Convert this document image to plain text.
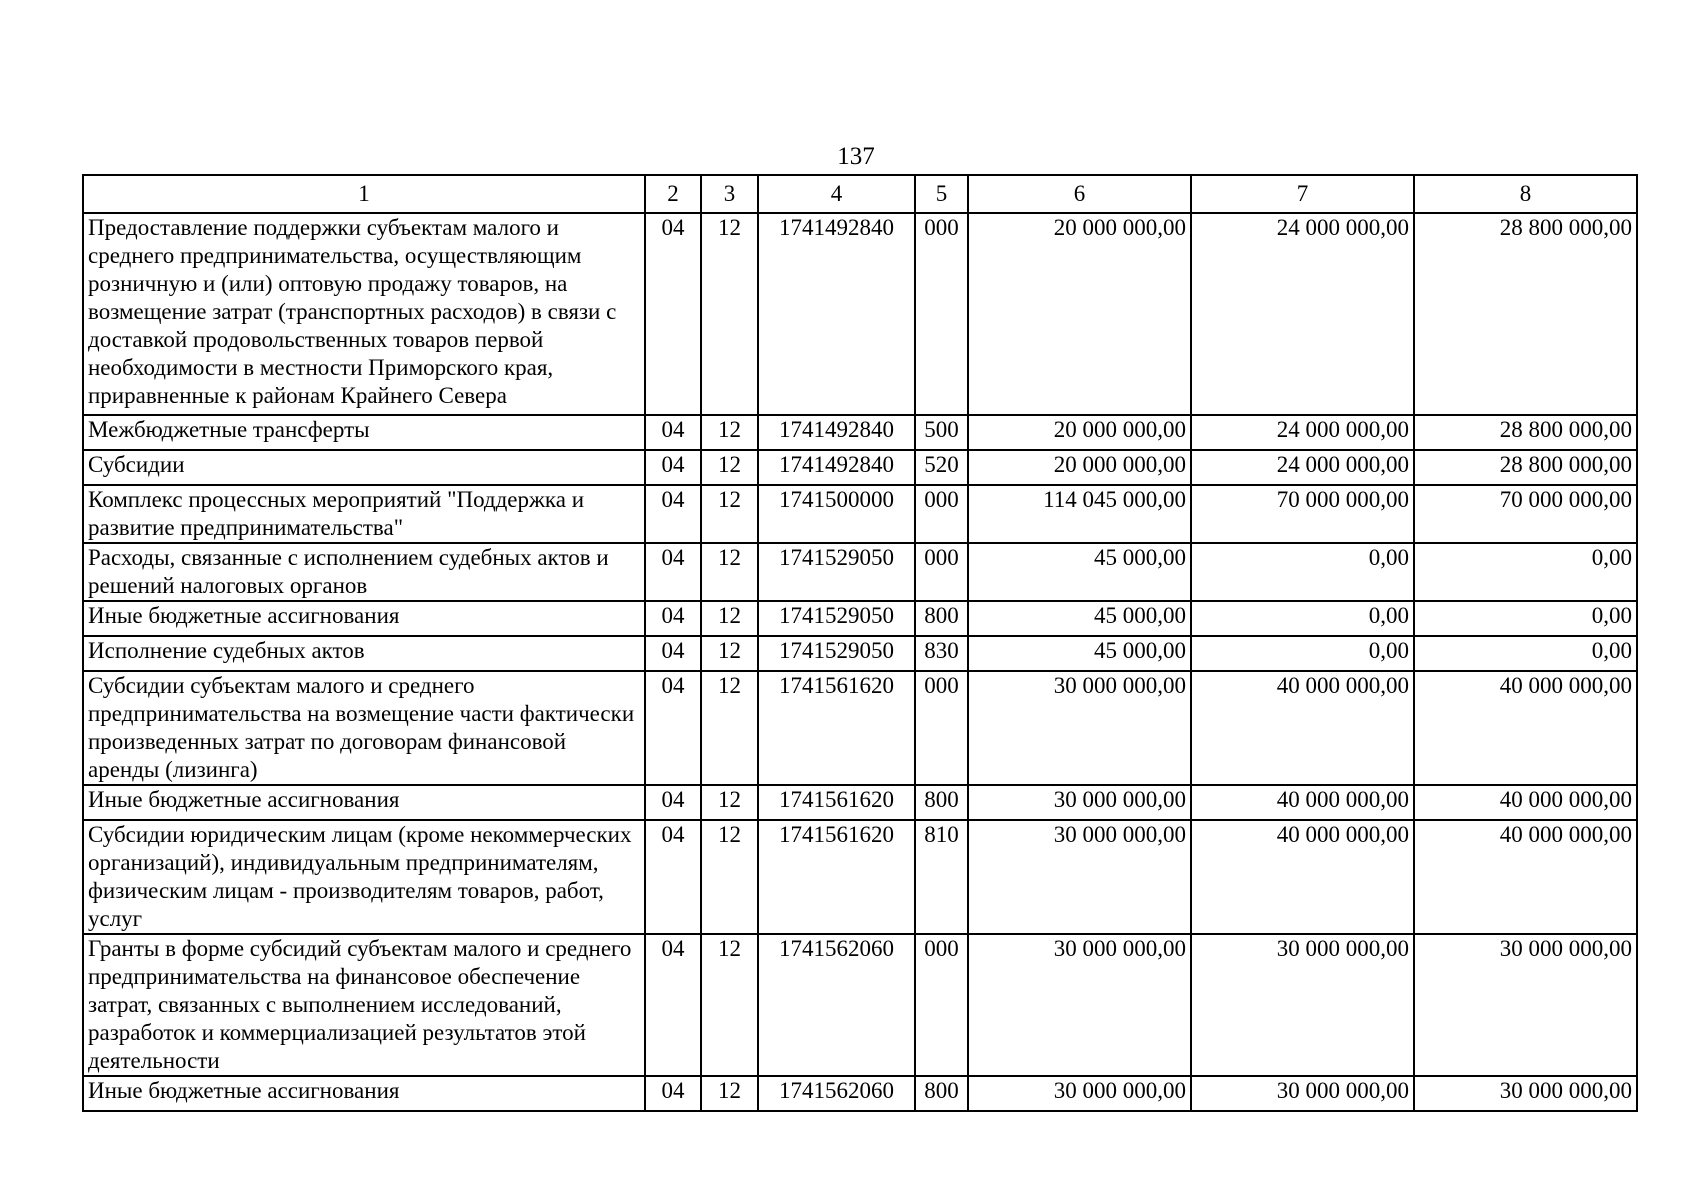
137
1	2	3	4	5	6	7	8
Предоставление поддержки субъектам малого и среднего предпринимательства, осуществляющим розничную и (или) оптовую продажу товаров, на возмещение затрат (транспортных расходов) в связи с доставкой продовольственных товаров первой необходимости в местности Приморского края, приравненные к районам Крайнего Севера	04	12	1741492840	000	20 000 000,00	24 000 000,00	28 800 000,00
Межбюджетные трансферты	04	12	1741492840	500	20 000 000,00	24 000 000,00	28 800 000,00
Субсидии	04	12	1741492840	520	20 000 000,00	24 000 000,00	28 800 000,00
Комплекс процессных мероприятий "Поддержка и развитие предпринимательства"	04	12	1741500000	000	114 045 000,00	70 000 000,00	70 000 000,00
Расходы, связанные с исполнением судебных актов и решений налоговых органов	04	12	1741529050	000	45 000,00	0,00	0,00
Иные бюджетные ассигнования	04	12	1741529050	800	45 000,00	0,00	0,00
Исполнение судебных актов	04	12	1741529050	830	45 000,00	0,00	0,00
Субсидии субъектам малого и среднего предпринимательства на возмещение части фактически произведенных затрат по договорам финансовой аренды (лизинга)	04	12	1741561620	000	30 000 000,00	40 000 000,00	40 000 000,00
Иные бюджетные ассигнования	04	12	1741561620	800	30 000 000,00	40 000 000,00	40 000 000,00
Субсидии юридическим лицам (кроме некоммерческих организаций), индивидуальным предпринимателям, физическим лицам - производителям товаров, работ, услуг	04	12	1741561620	810	30 000 000,00	40 000 000,00	40 000 000,00
Гранты в форме субсидий субъектам малого и среднего предпринимательства на финансовое обеспечение затрат, связанных с выполнением исследований, разработок и коммерциализацией результатов этой деятельности	04	12	1741562060	000	30 000 000,00	30 000 000,00	30 000 000,00
Иные бюджетные ассигнования	04	12	1741562060	800	30 000 000,00	30 000 000,00	30 000 000,00
